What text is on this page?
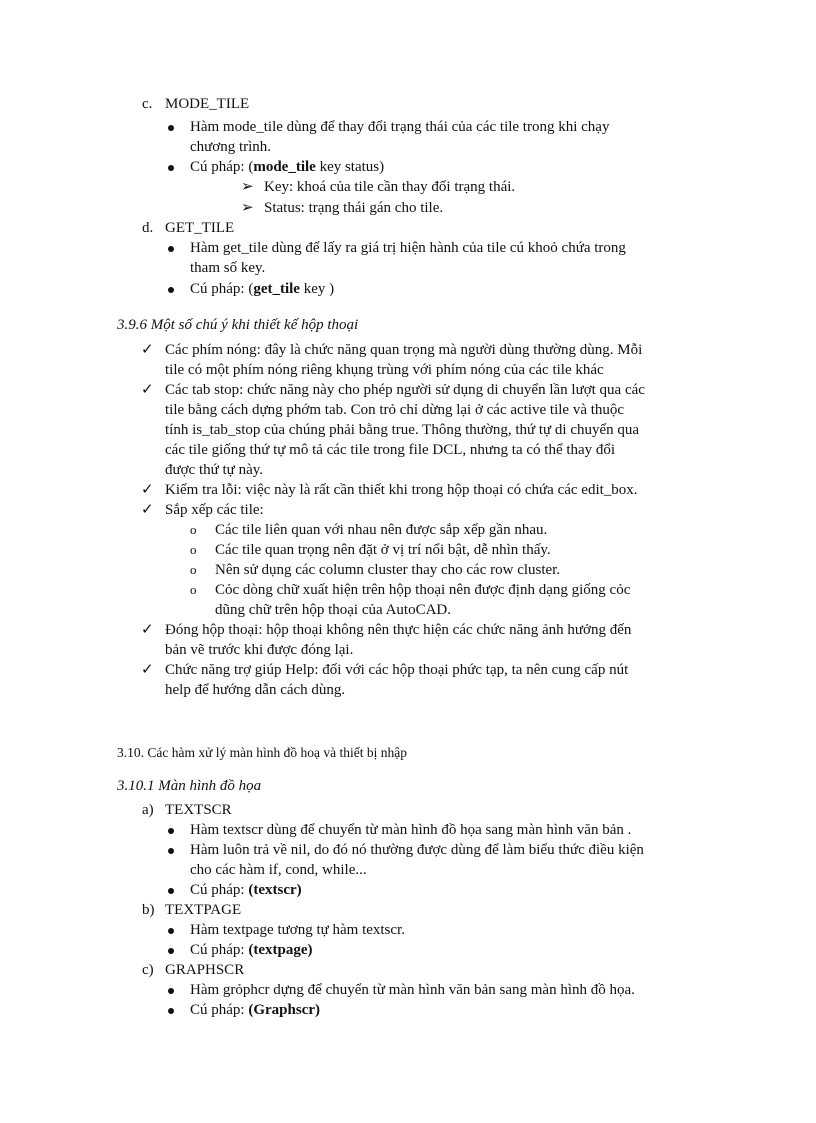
c. MODE_TILE
Hàm mode_tile dùng để thay đổi trạng thái của các tile trong khi chạy
chương trình.
Cú pháp: (mode_tile key status)
➢ Key: khoá của tile cần thay đổi trạng thái.
➢ Status: trạng thái gán cho tile.
d. GET_TILE
Hàm get_tile dùng để lấy ra giá trị hiện hành của tile cú khoỏ chứa trong
tham số key.
Cú pháp: (get_tile key )
3.9.6 Một số chú ý khi thiết kế hộp thoại
✓ Các phím nóng: đây là chức năng quan trọng mà người dùng thường dùng. Mỗi
tile có một phím nóng riêng khụng trùng với phím nóng của các tile khác
✓ Các tab stop: chức năng này cho phép người sử dụng di chuyển lần lượt qua các
tile bằng cách dựng phớm tab. Con trỏ chỉ dừng lại ở các active tile và thuộc
tính is_tab_stop của chúng phải bằng true. Thông thường, thứ tự di chuyển qua
các tile giống thứ tự mô tả các tile trong file DCL, nhưng ta có thể thay đổi
được thứ tự này.
✓ Kiểm tra lỗi: việc này là rất cần thiết khi trong hộp thoại có chứa các edit_box.
✓ Sắp xếp các tile:
o Các tile liên quan với nhau nên được sắp xếp gần nhau.
o Các tile quan trọng nên đặt ở vị trí nổi bật, dễ nhìn thấy.
o Nên sử dụng các column cluster thay cho các row cluster.
o Cỏc dòng chữ xuất hiện trên hộp thoại nên được định dạng giống cỏc
dũng chữ trên hộp thoại của AutoCAD.
✓ Đóng hộp thoại: hộp thoại không nên thực hiện các chức năng ảnh hưởng đến
bản vẽ trước khi được đóng lại.
✓ Chức năng trợ giúp Help: đối với các hộp thoại phức tạp, ta nên cung cấp nút
help để hướng dẫn cách dùng.
3.10. Các hàm xử lý màn hình đồ hoạ và thiết bị nhập
3.10.1 Màn hình đồ họa
a) TEXTSCR
Hàm textscr dùng để chuyển từ màn hình đồ họa sang màn hình văn bản .
Hàm luôn trả về nil, do đó nó thường được dùng để làm biểu thức điều kiện
cho các hàm if, cond, while...
Cú pháp: (textscr)
b) TEXTPAGE
Hàm textpage tương tự hàm textscr.
Cú pháp: (textpage)
c) GRAPHSCR
Hàm grỏphcr dựng để chuyển từ màn hình văn bản sang màn hình đồ họa.
Cú pháp: (Graphscr)
